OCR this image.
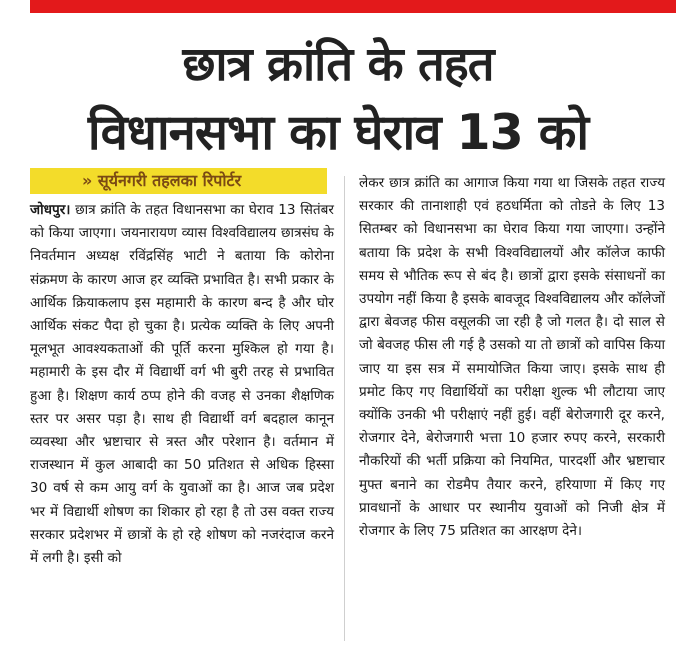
छात्र क्रांति के तहत
विधानसभा का घेराव 13 को
» सूर्यनगरी तहलका रिपोर्टर

जोधपुर। छात्र क्रांति के तहत विधानसभा का घेराव 13 सितंबर को किया जाएगा। जयनारायण व्यास विश्वविद्यालय छात्रसंघ के निवर्तमान अध्यक्ष रविंद्रसिंह भाटी ने बताया कि कोरोना संक्रमण के कारण आज हर व्यक्ति प्रभावित है। सभी प्रकार के आर्थिक क्रियाकलाप इस महामारी के कारण बन्द है और घोर आर्थिक संकट पैदा हो चुका है। प्रत्येक व्यक्ति के लिए अपनी मूलभूत आवश्यकताओं की पूर्ति करना मुश्किल हो गया है। महामारी के इस दौर में विद्यार्थी वर्ग भी बुरी तरह से प्रभावित हुआ है। शिक्षण कार्य ठप्प होने की वजह से उनका शैक्षणिक स्तर पर असर पड़ा है। साथ ही विद्यार्थी वर्ग बदहाल कानून व्यवस्था और भ्रष्टाचार से त्रस्त और परेशान है। वर्तमान में राजस्थान में कुल आबादी का 50 प्रतिशत से अधिक हिस्सा 30 वर्ष से कम आयु वर्ग के युवाओं का है। आज जब प्रदेश भर में विद्यार्थी शोषण का शिकार हो रहा है तो उस वक्त राज्य सरकार प्रदेशभर में छात्रों के हो रहे शोषण को नजरंदाज करने में लगी है। इसी को

लेकर छात्र क्रांति का आगाज किया गया था जिसके तहत राज्य सरकार की तानाशाही एवं हठधर्मिता को तोडऩे के लिए 13 सितम्बर को विधानसभा का घेराव किया गया जाएगा। उन्होंने बताया कि प्रदेश के सभी विश्वविद्यालयों और कॉलेज काफी समय से भौतिक रूप से बंद है। छात्रों द्वारा इसके संसाधनों का उपयोग नहीं किया है इसके बावजूद विश्वविद्यालय और कॉलेजों द्वारा बेवजह फीस वसूलकी जा रही है जो गलत है। दो साल से जो बेवजह फीस ली गई है उसको या तो छात्रों को वापिस किया जाए या इस सत्र में समायोजित किया जाए। इसके साथ ही प्रमोट किए गए विद्यार्थियों का परीक्षा शुल्क भी लौटाया जाए क्योंकि उनकी भी परीक्षाएं नहीं हुई। वहीं बेरोजगारी दूर करने, रोजगार देने, बेरोजगारी भत्ता 10 हजार रुपए करने, सरकारी नौकरियों की भर्ती प्रक्रिया को नियमित, पारदर्शी और भ्रष्टाचार मुफ्त बनाने का रोडमैप तैयार करने, हरियाणा में किए गए प्रावधानों के आधार पर स्थानीय युवाओं को निजी क्षेत्र में रोजगार के लिए 75 प्रतिशत का आरक्षण देने।
